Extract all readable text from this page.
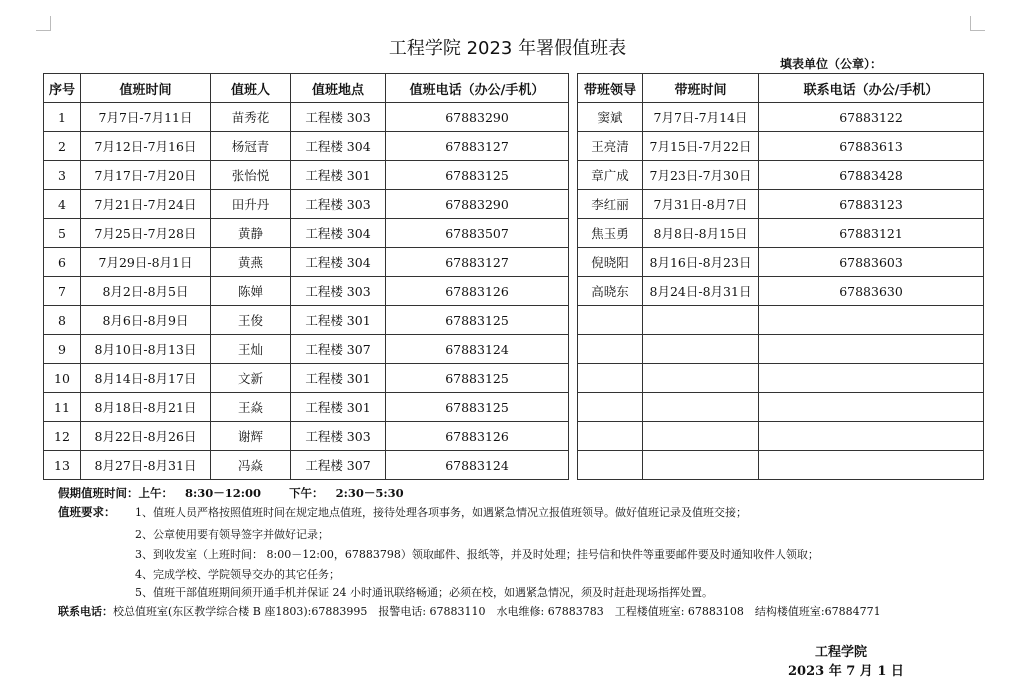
工程学院 2023 年署假值班表
填表单位（公章）：
序号	值班时间	值班人	值班地点	值班电话（办公/手机）		带班领导	带班时间	联系电话（办公/手机）
1	7月7日-7月11日	苗秀花	工程楼 303	67883290		窦斌	7月7日-7月14日	67883122
2	7月12日-7月16日	杨冠青	工程楼 304	67883127		王亮清	7月15日-7月22日	67883613
3	7月17日-7月20日	张怡悦	工程楼 301	67883125		章广成	7月23日-7月30日	67883428
4	7月21日-7月24日	田升丹	工程楼 303	67883290		李红丽	7月31日-8月7日	67883123
5	7月25日-7月28日	黄静	工程楼 304	67883507		焦玉勇	8月8日-8月15日	67883121
6	7月29日-8月1日	黄燕	工程楼 304	67883127		倪晓阳	8月16日-8月23日	67883603
7	8月2日-8月5日	陈婵	工程楼 303	67883126		高晓东	8月24日-8月31日	67883630
8	8月6日-8月9日	王俊	工程楼 301	67883125				
9	8月10日-8月13日	王灿	工程楼 307	67883124				
10	8月14日-8月17日	文新	工程楼 301	67883125				
11	8月18日-8月21日	王焱	工程楼 301	67883125				
12	8月22日-8月26日	谢辉	工程楼 303	67883126				
13	8月27日-8月31日	冯焱	工程楼 307	67883124				
假期值班时间：上午： 8:30－12:00 下午： 2:30－5:30
值班要求： 1、值班人员严格按照值班时间在规定地点值班，接待处理各项事务，如遇紧急情况立报值班领导。做好值班记录及值班交接；
2、公章使用要有领导签字并做好记录；
3、到收发室（上班时间： 8:00－12:00，67883798）领取邮件、报纸等，并及时处理；挂号信和快件等重要邮件要及时通知收件人领取；
4、完成学校、学院领导交办的其它任务；
5、值班干部值班期间须开通手机并保证 24 小时通讯联络畅通；必须在校，如遇紧急情况，须及时赶赴现场指挥处置。
联系电话：校总值班室(东区教学综合楼 B 座1803):67883995　报警电话: 67883110　水电维修: 67883783　工程楼值班室: 67883108　结构楼值班室:67884771
工程学院
2023 年 7 月 1 日
